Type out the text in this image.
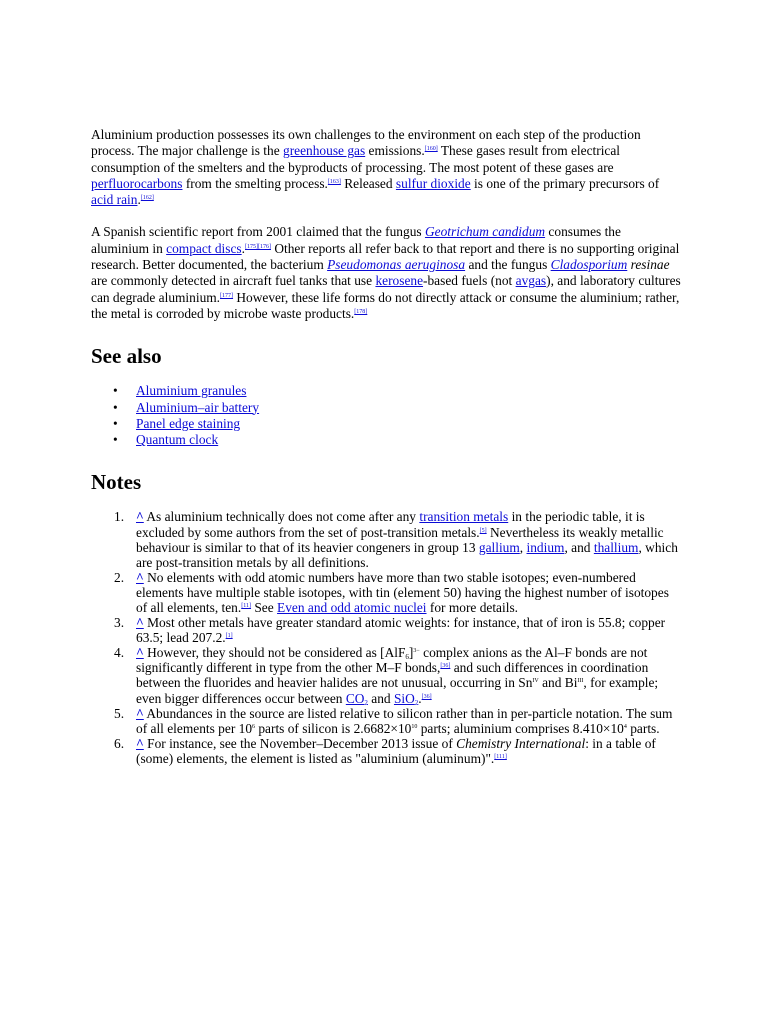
Aluminium production possesses its own challenges to the environment on each step of the production process. The major challenge is the greenhouse gas emissions.[160] These gases result from electrical consumption of the smelters and the byproducts of processing. The most potent of these gases are perfluorocarbons from the smelting process.[163] Released sulfur dioxide is one of the primary precursors of acid rain.[162]

A Spanish scientific report from 2001 claimed that the fungus Geotrichum candidum consumes the aluminium in compact discs.[175][176] Other reports all refer back to that report and there is no supporting original research. Better documented, the bacterium Pseudomonas aeruginosa and the fungus Cladosporium resinae are commonly detected in aircraft fuel tanks that use kerosene-based fuels (not avgas), and laboratory cultures can degrade aluminium.[177] However, these life forms do not directly attack or consume the aluminium; rather, the metal is corroded by microbe waste products.[178]

See also
• Aluminium granules
• Aluminium–air battery
• Panel edge staining
• Quantum clock
Notes
1. ^ As aluminium technically does not come after any transition metals in the periodic table, it is excluded by some authors from the set of post-transition metals.[5] Nevertheless its weakly metallic behaviour is similar to that of its heavier congeners in group 13 gallium, indium, and thallium, which are post-transition metals by all definitions.
2. ^ No elements with odd atomic numbers have more than two stable isotopes; even-numbered elements have multiple stable isotopes, with tin (element 50) having the highest number of isotopes of all elements, ten.[11] See Even and odd atomic nuclei for more details.
3. ^ Most other metals have greater standard atomic weights: for instance, that of iron is 55.8; copper 63.5; lead 207.2.[1]
4. ^ However, they should not be considered as $[AlF_6]^{3-}$ complex anions as the Al–F bonds are not significantly different in type from the other M–F bonds,[36] and such differences in coordination between the fluorides and heavier halides are not unusual, occurring in $Sn^{IV}$ and $Bi^{III}$, for example; even bigger differences occur between $CO_2$ and SiO$_2$.[36]
5. ^ Abundances in the source are listed relative to silicon rather than in per-particle notation. The sum of all elements per $10^6$ parts of silicon is $2.6682\times 10^{10}$ parts; aluminium comprises $8.410\times 10^4$ parts.
6. ^ For instance, see the November–December 2013 issue of Chemistry International: in a table of (some) elements, the element is listed as "aluminium (aluminum)".[111]
